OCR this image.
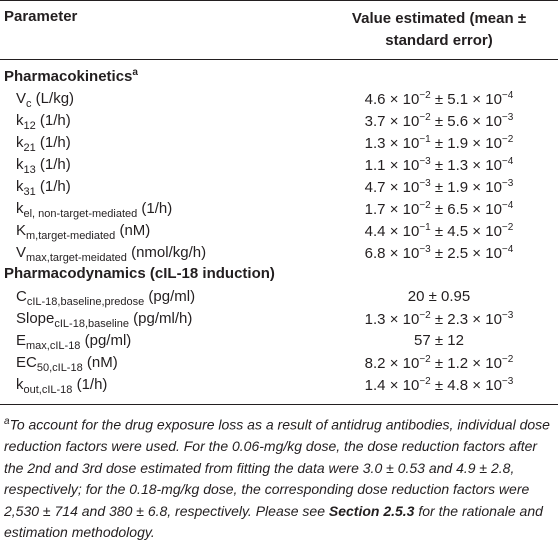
Parameter	Value estimated (mean ±
standard error)
Pharmacokinetics$^a$
$V_c$ (L/kg)	$4.6 \times 10^{-2} \pm 5.1 \times 10^{-4}$
$k_{12}$ (1/h)	$3.7 \times 10^{-2} \pm 5.6 \times 10^{-3}$
$k_{21}$ (1/h)	$1.3 \times 10^{-1} \pm 1.9 \times 10^{-2}$
$k_{13}$ (1/h)	$1.1 \times 10^{-3} \pm 1.3 \times 10^{-4}$
$k_{31}$ (1/h)	$4.7 \times 10^{-3} \pm 1.9 \times 10^{-3}$
$k_{el, non-target-mediated}$ (1/h)	$1.7 \times 10^{-2} \pm 6.5 \times 10^{-4}$
$K_{m,target-mediated}$ (nM)	$4.4 \times 10^{-1} \pm 4.5 \times 10^{-2}$
$V_{max,target-meidated}$ (nmol/kg/h)	$6.8 \times 10^{-3} \pm 2.5 \times 10^{-4}$
Pharmacodynamics (cIL-18 induction)
$C_{cIL-18,baseline,predose}$ (pg/ml)	20 ± 0.95
Slope$_{cIL-18,baseline}$ (pg/ml/h)	$1.3 \times 10^{-2} \pm 2.3 \times 10^{-3}$
$E_{max,cIL-18}$ (pg/ml)	57 ± 12
$EC_{50,cIL-18}$ (nM)	$8.2 \times 10^{-2} \pm 1.2 \times 10^{-2}$
$k_{out,cIL-18}$ (1/h)	$1.4 \times 10^{-2} \pm 4.8 \times 10^{-3}$
$^a$To account for the drug exposure loss as a result of antidrug antibodies, individual dose reduction factors were used. For the 0.06-mg/kg dose, the dose reduction factors after the 2nd and 3rd dose estimated from fitting the data were 3.0 ± 0.53 and 4.9 ± 2.8, respectively; for the 0.18-mg/kg dose, the corresponding dose reduction factors were 2,530 ± 714 and 380 ± 6.8, respectively. Please see Section 2.5.3 for the rationale and estimation methodology.
